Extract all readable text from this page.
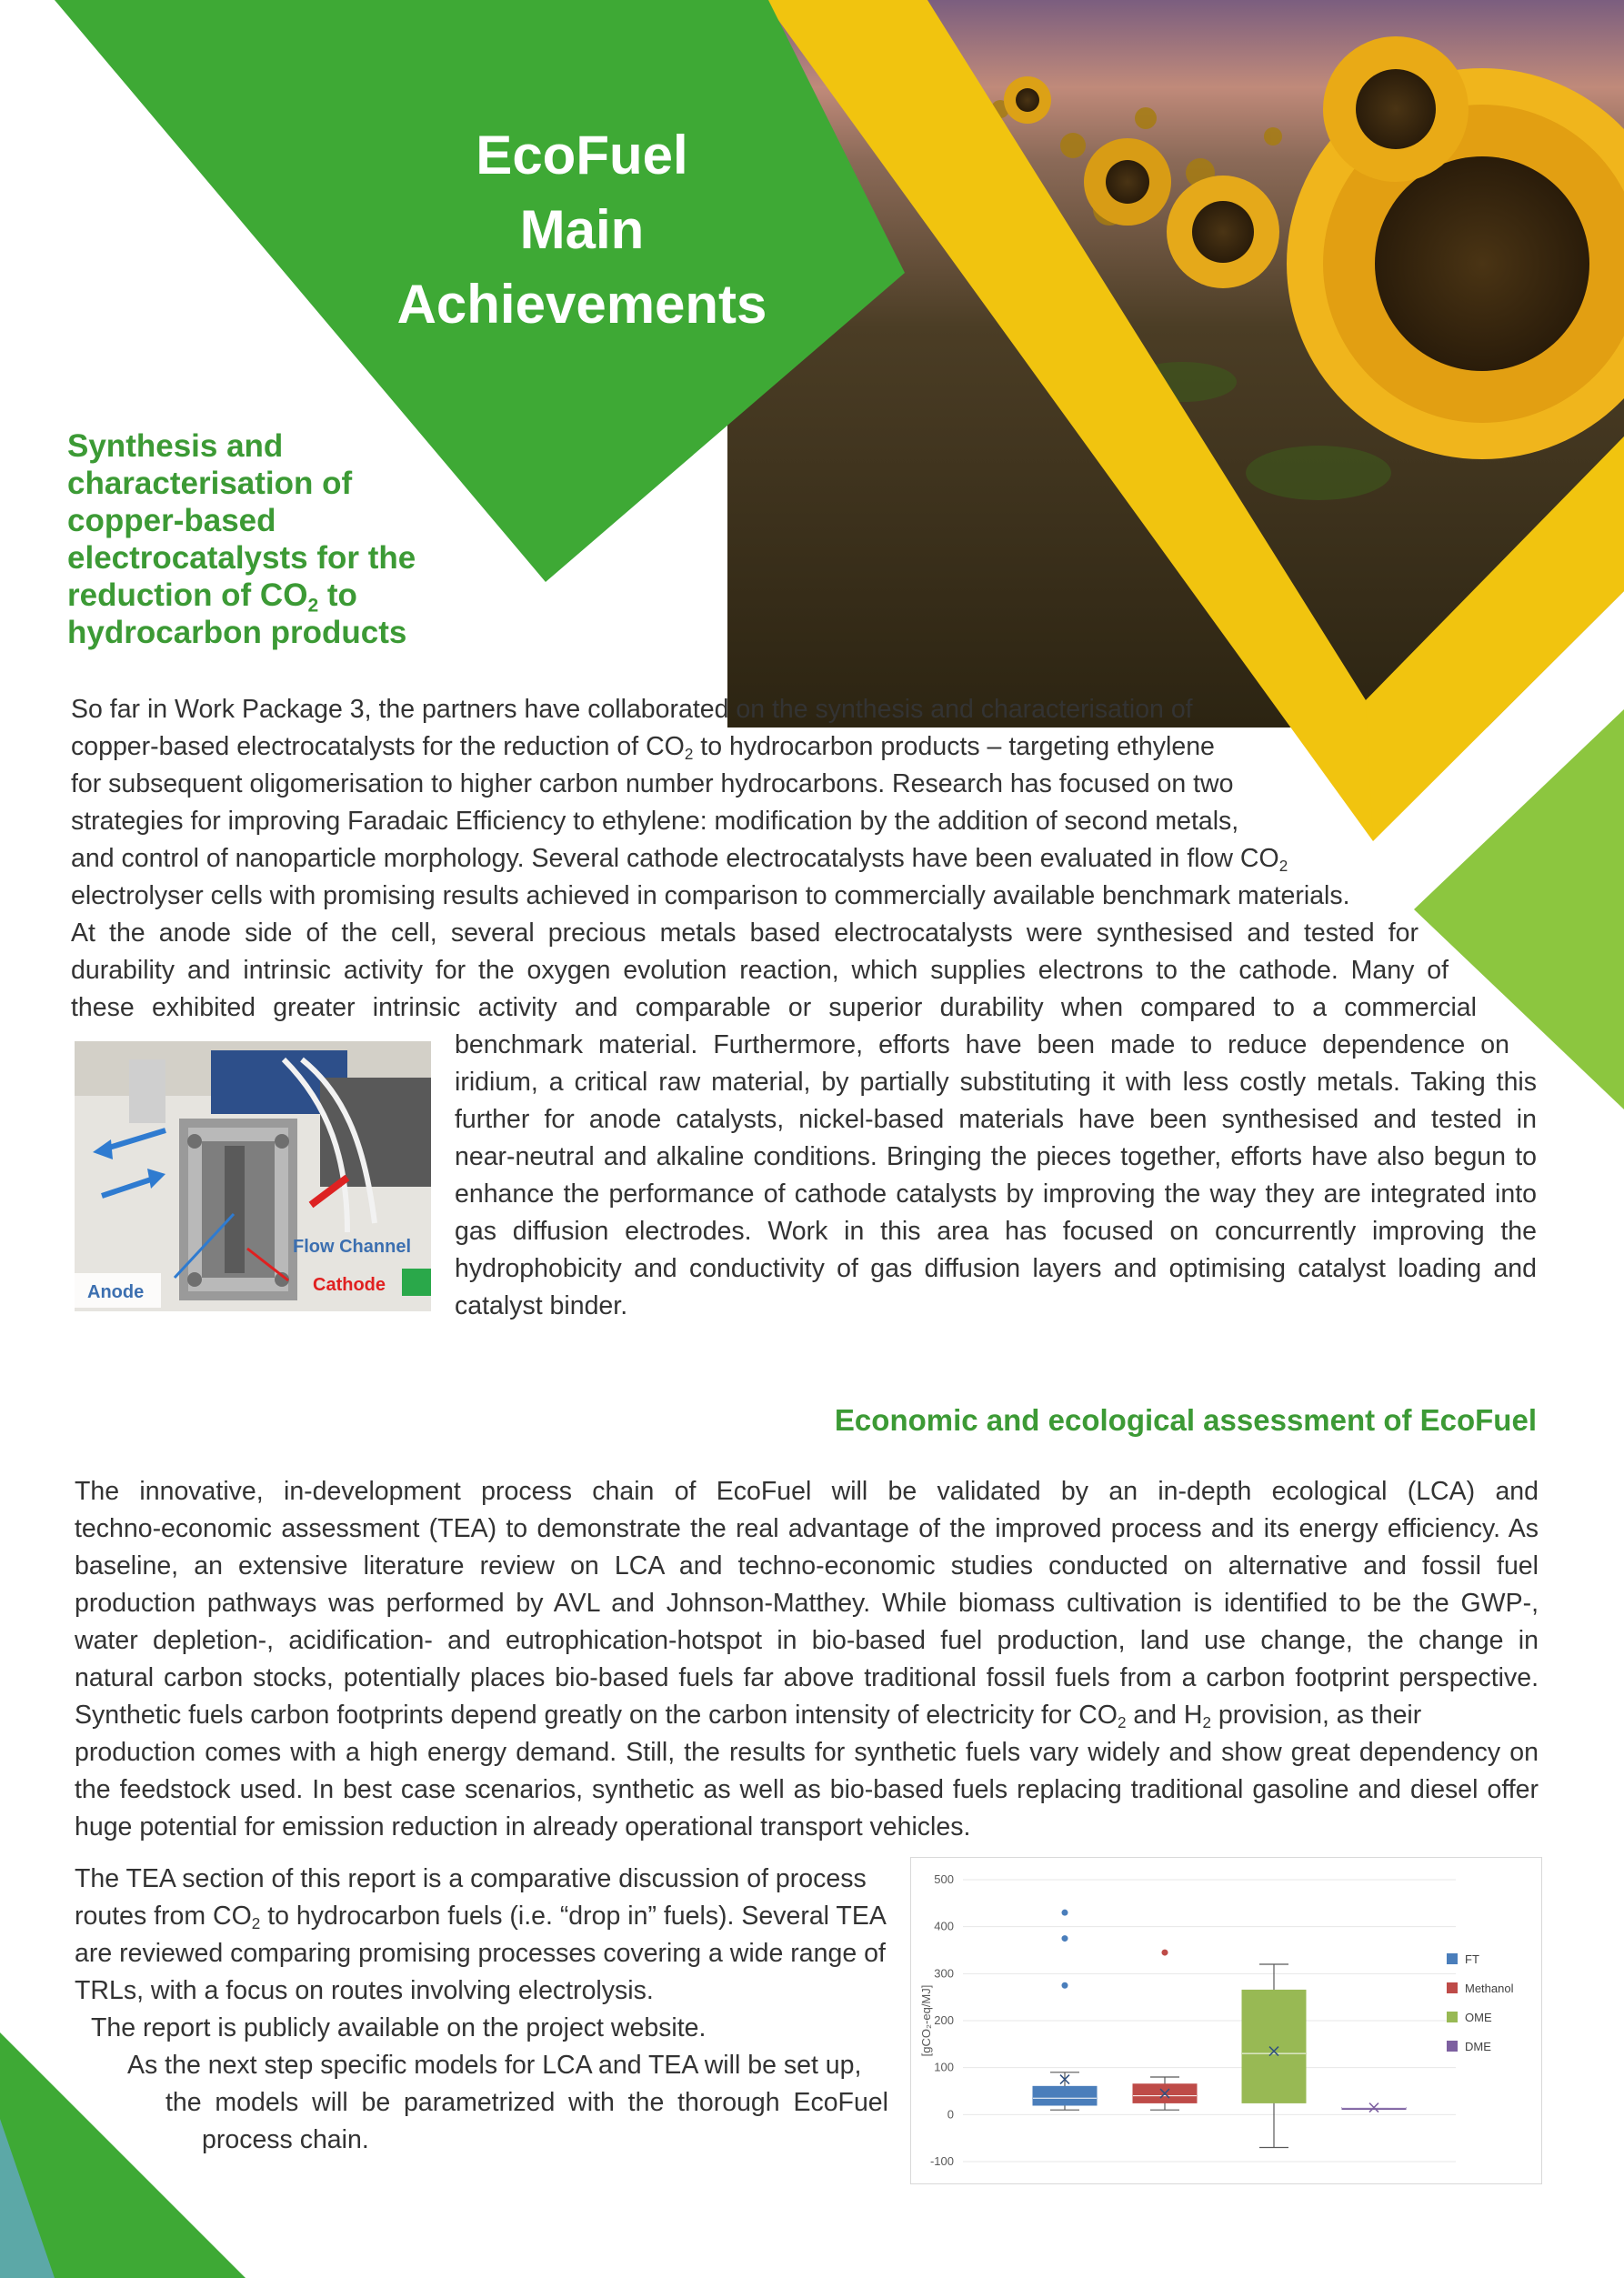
EcoFuel
Main
Achievements
Synthesis and
characterisation of
copper-based
electrocatalysts for the
reduction of $CO_2$ to
hydrocarbon products
So far in Work Package 3, the partners have collaborated on the synthesis and characterisation of
copper-based electrocatalysts for the reduction of $CO_2$ to hydrocarbon products – targeting ethylene
for subsequent oligomerisation to higher carbon number hydrocarbons. Research has focused on two
strategies for improving Faradaic Efficiency to ethylene: modification by the addition of second metals,
and control of nanoparticle morphology. Several cathode electrocatalysts have been evaluated in flow $CO_2$
electrolyser cells with promising results achieved in comparison to commercially available benchmark materials.
At the anode side of the cell, several precious metals based electrocatalysts were synthesised and tested for
durability and intrinsic activity for the oxygen evolution reaction, which supplies electrons to the cathode. Many of
these exhibited greater intrinsic activity and comparable or superior durability when compared to a commercial
benchmark material. Furthermore, efforts have been made to reduce dependence on
iridium, a critical raw material, by partially substituting it with less costly metals. Taking this
further for anode catalysts, nickel-based materials have been synthesised and tested in
near-neutral and alkaline conditions. Bringing the pieces together, efforts have also begun to
enhance the performance of cathode catalysts by improving the way they are integrated into
gas diffusion electrodes. Work in this area has focused on concurrently improving the
hydrophobicity and conductivity of gas diffusion layers and optimising catalyst loading and
catalyst binder.
Anode
Flow Channel
Cathode
Economic and ecological assessment of EcoFuel
The innovative, in-development process chain of EcoFuel will be validated by an in-depth ecological (LCA) and
techno-economic assessment (TEA) to demonstrate the real advantage of the improved process and its energy efficiency. As
baseline, an extensive literature review on LCA and techno-economic studies conducted on alternative and fossil fuel
production pathways was performed by AVL and Johnson-Matthey. While biomass cultivation is identified to be the GWP-,
water depletion-, acidification- and eutrophication-hotspot in bio-based fuel production, land use change, the change in
natural carbon stocks, potentially places bio-based fuels far above traditional fossil fuels from a carbon footprint perspective.
Synthetic fuels carbon footprints depend greatly on the carbon intensity of electricity for $CO_2$ and $H_2$ provision, as their
production comes with a high energy demand. Still, the results for synthetic fuels vary widely and show great dependency on
the feedstock used. In best case scenarios, synthetic as well as bio-based fuels replacing traditional gasoline and diesel offer
huge potential for emission reduction in already operational transport vehicles.
The TEA section of this report is a comparative discussion of process
routes from $CO_2$ to hydrocarbon fuels (i.e. “drop in” fuels). Several TEA
are reviewed comparing promising processes covering a wide range of
TRLs, with a focus on routes involving electrolysis.
The report is publicly available on the project website.
As the next step specific models for LCA and TEA will be set up,
the models will be parametrized with the thorough EcoFuel
process chain.
500
400
300
200
100
0
-100
[gCO₂-eq/MJ]
FT
Methanol
OME
DME
